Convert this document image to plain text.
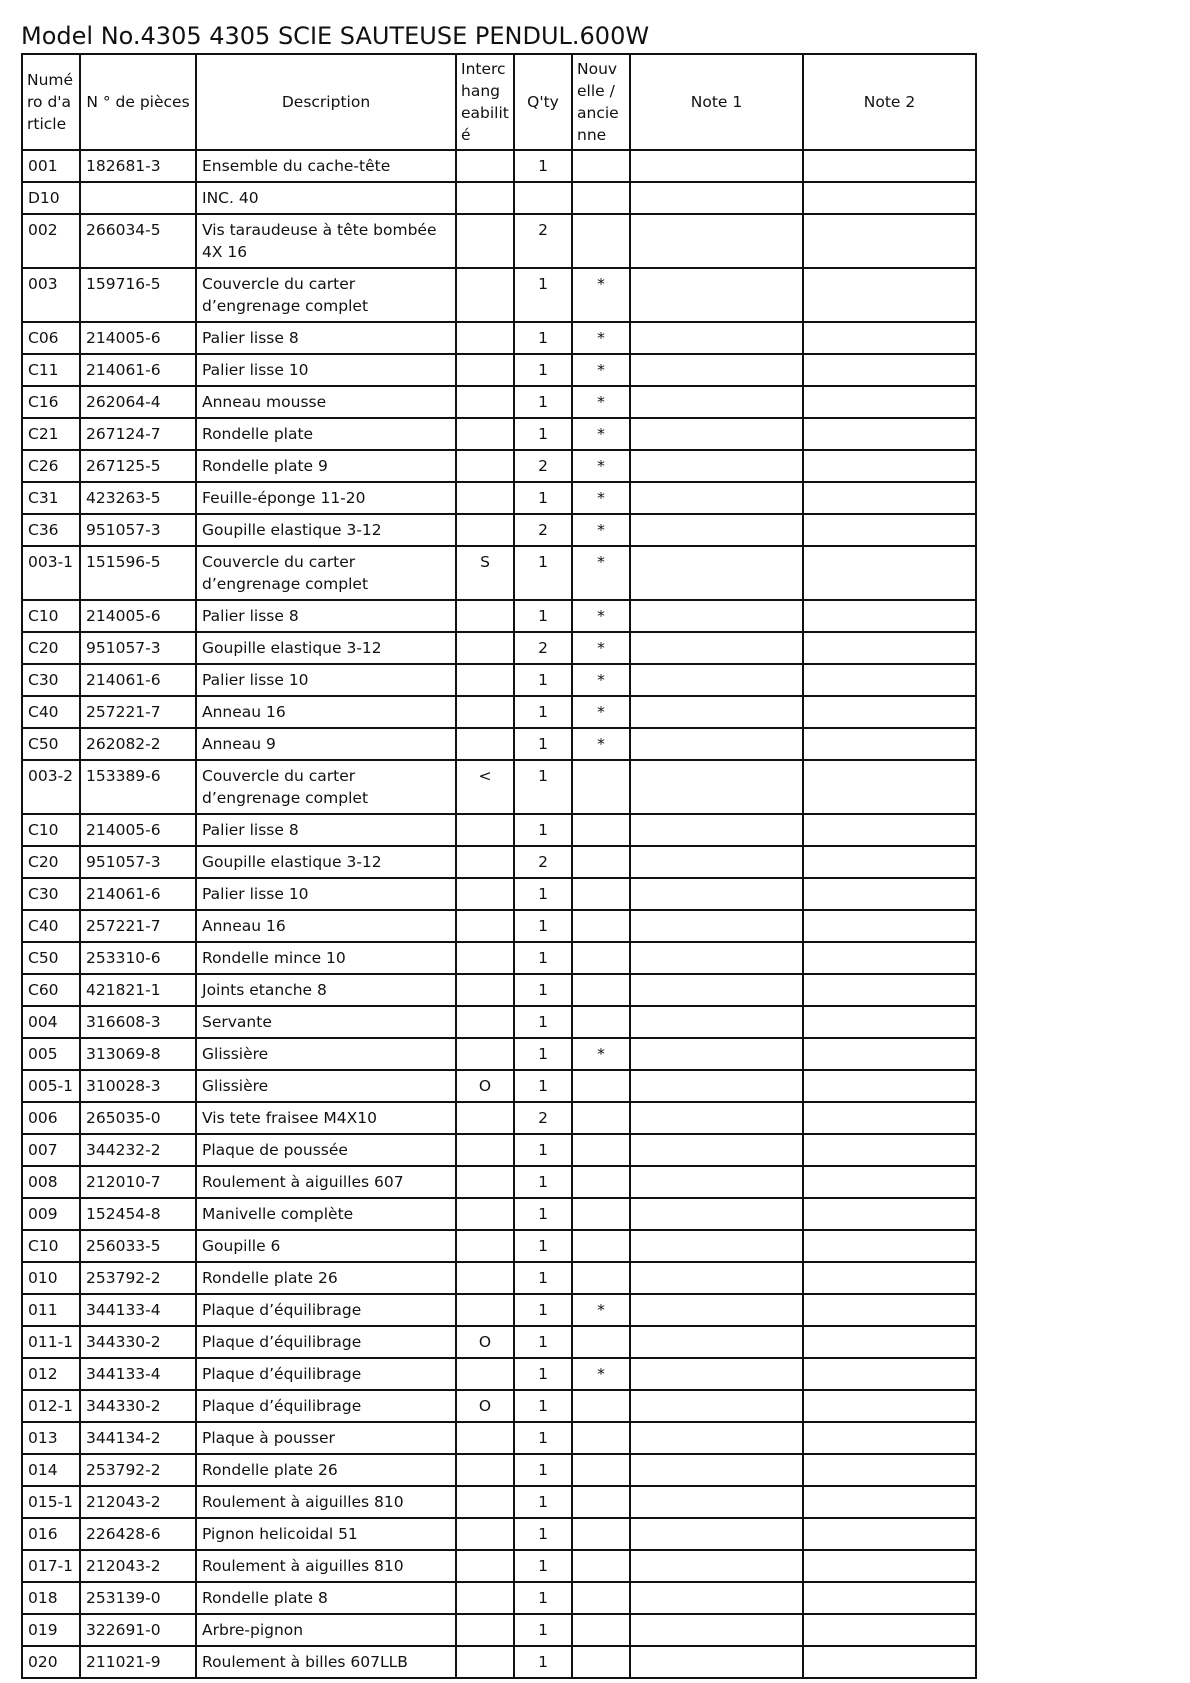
Model No.4305 4305 SCIE SAUTEUSE PENDUL.600W
Numé ro d'a rticle	N ° de pièces	Description	Interc hang eabilit é	Q'ty	Nouv elle / ancie nne	Note 1	Note 2
001	182681-3	Ensemble du cache-tête		1			
D10		INC. 40					
002	266034-5	Vis taraudeuse à tête bombée 4X 16		2			
003	159716-5	Couvercle du carter d’engrenage complet		1	*		
C06	214005-6	Palier lisse 8		1	*		
C11	214061-6	Palier lisse 10		1	*		
C16	262064-4	Anneau mousse		1	*		
C21	267124-7	Rondelle plate		1	*		
C26	267125-5	Rondelle plate 9		2	*		
C31	423263-5	Feuille-éponge 11-20		1	*		
C36	951057-3	Goupille elastique 3-12		2	*		
003-1	151596-5	Couvercle du carter d’engrenage complet	S	1	*		
C10	214005-6	Palier lisse 8		1	*		
C20	951057-3	Goupille elastique 3-12		2	*		
C30	214061-6	Palier lisse 10		1	*		
C40	257221-7	Anneau 16		1	*		
C50	262082-2	Anneau 9		1	*		
003-2	153389-6	Couvercle du carter d’engrenage complet	<	1			
C10	214005-6	Palier lisse 8		1			
C20	951057-3	Goupille elastique 3-12		2			
C30	214061-6	Palier lisse 10		1			
C40	257221-7	Anneau 16		1			
C50	253310-6	Rondelle mince 10		1			
C60	421821-1	Joints etanche 8		1			
004	316608-3	Servante		1			
005	313069-8	Glissière		1	*		
005-1	310028-3	Glissière	O	1			
006	265035-0	Vis tete fraisee M4X10		2			
007	344232-2	Plaque de poussée		1			
008	212010-7	Roulement à aiguilles 607		1			
009	152454-8	Manivelle complète		1			
C10	256033-5	Goupille 6		1			
010	253792-2	Rondelle plate 26		1			
011	344133-4	Plaque d’équilibrage		1	*		
011-1	344330-2	Plaque d’équilibrage	O	1			
012	344133-4	Plaque d’équilibrage		1	*		
012-1	344330-2	Plaque d’équilibrage	O	1			
013	344134-2	Plaque à pousser		1			
014	253792-2	Rondelle plate 26		1			
015-1	212043-2	Roulement à aiguilles 810		1			
016	226428-6	Pignon helicoidal 51		1			
017-1	212043-2	Roulement à aiguilles 810		1			
018	253139-0	Rondelle plate 8		1			
019	322691-0	Arbre-pignon		1			
020	211021-9	Roulement à billes 607LLB		1			
